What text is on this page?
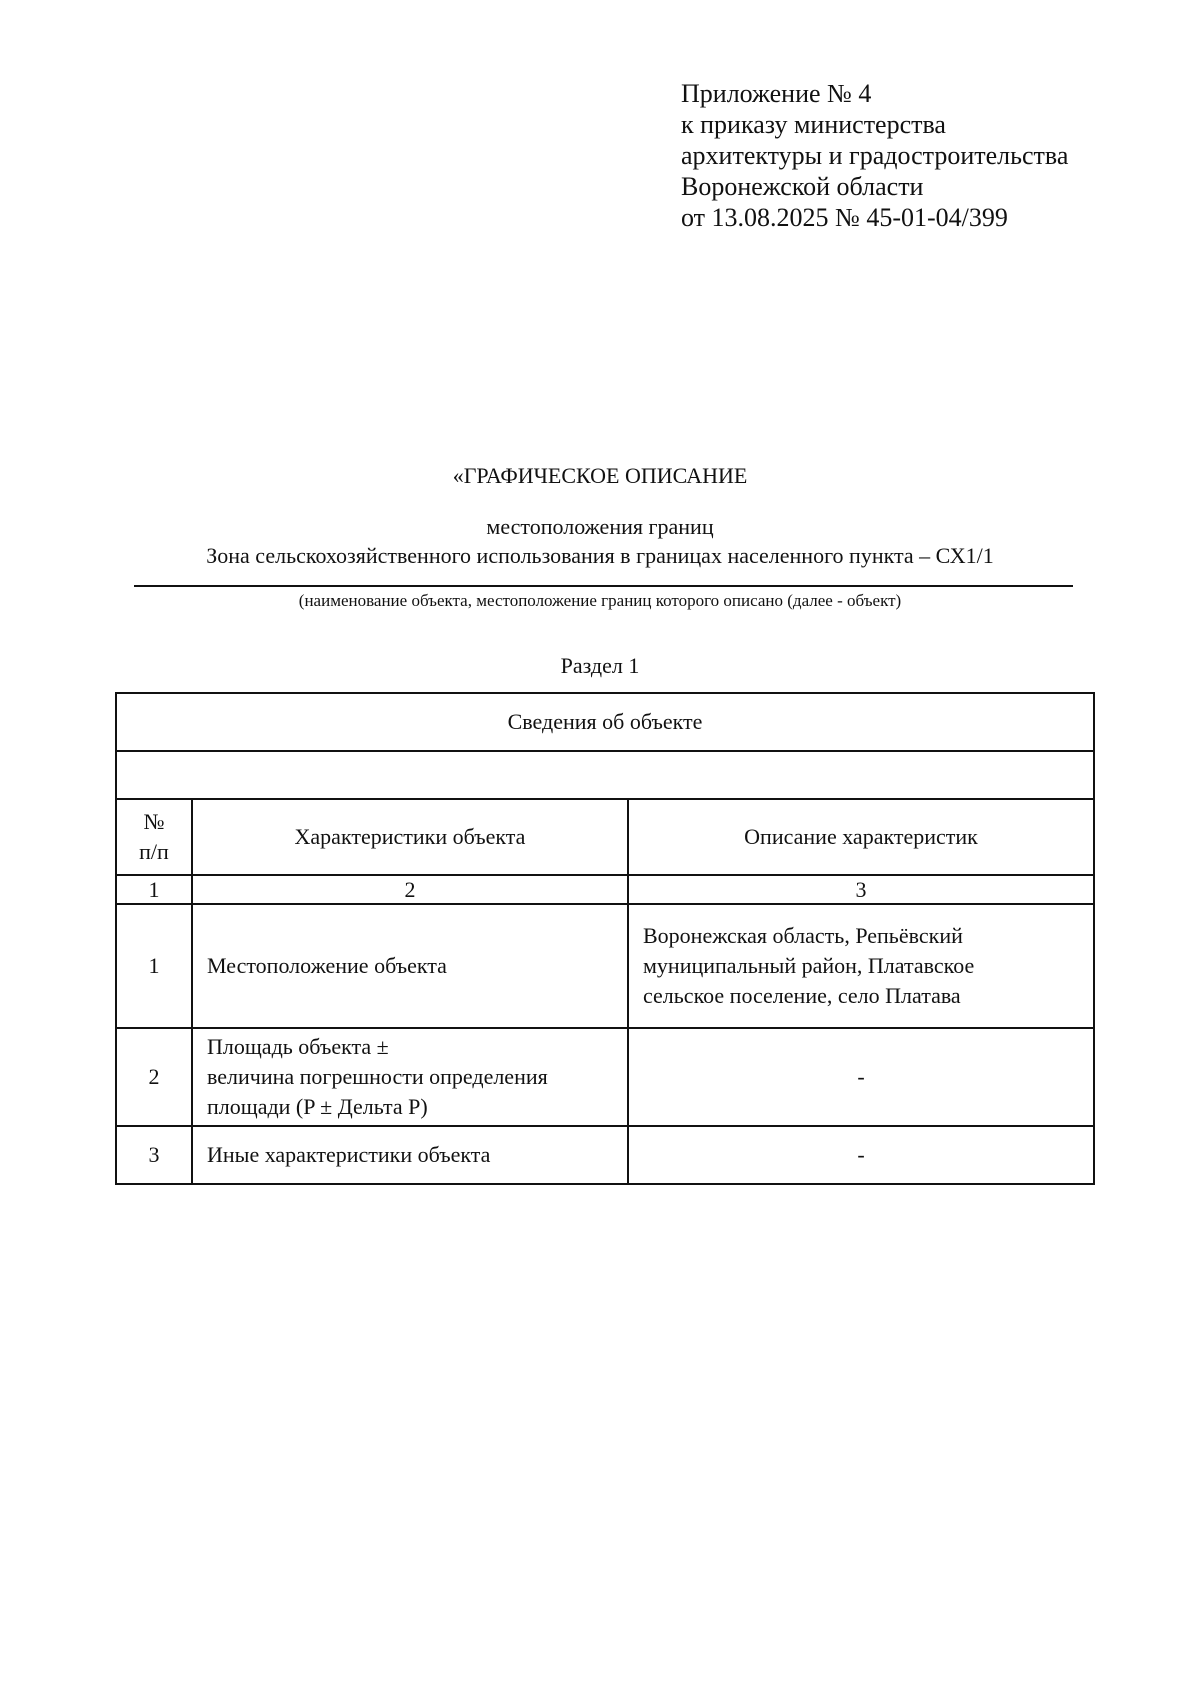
Приложение № 4
к приказу министерства
архитектуры и градостроительства
Воронежской области
от 13.08.2025 № 45-01-04/399
«ГРАФИЧЕСКОЕ ОПИСАНИЕ
местоположения границ
Зона сельскохозяйственного использования в границах населенного пункта – СХ1/1
(наименование объекта, местоположение границ которого описано (далее - объект)
Раздел 1
Сведения об объекте		

№
п/п	Характеристики объекта	Описание характеристик
1	2	3
1	Местоположение объекта	Воронежская область, Репьёвский
муниципальный район, Платавское
сельское поселение, село Платава

2	Площадь объекта ±
величина погрешности определения
площади (P ± Дельта P)	-

3	Иные характеристики объекта	-
